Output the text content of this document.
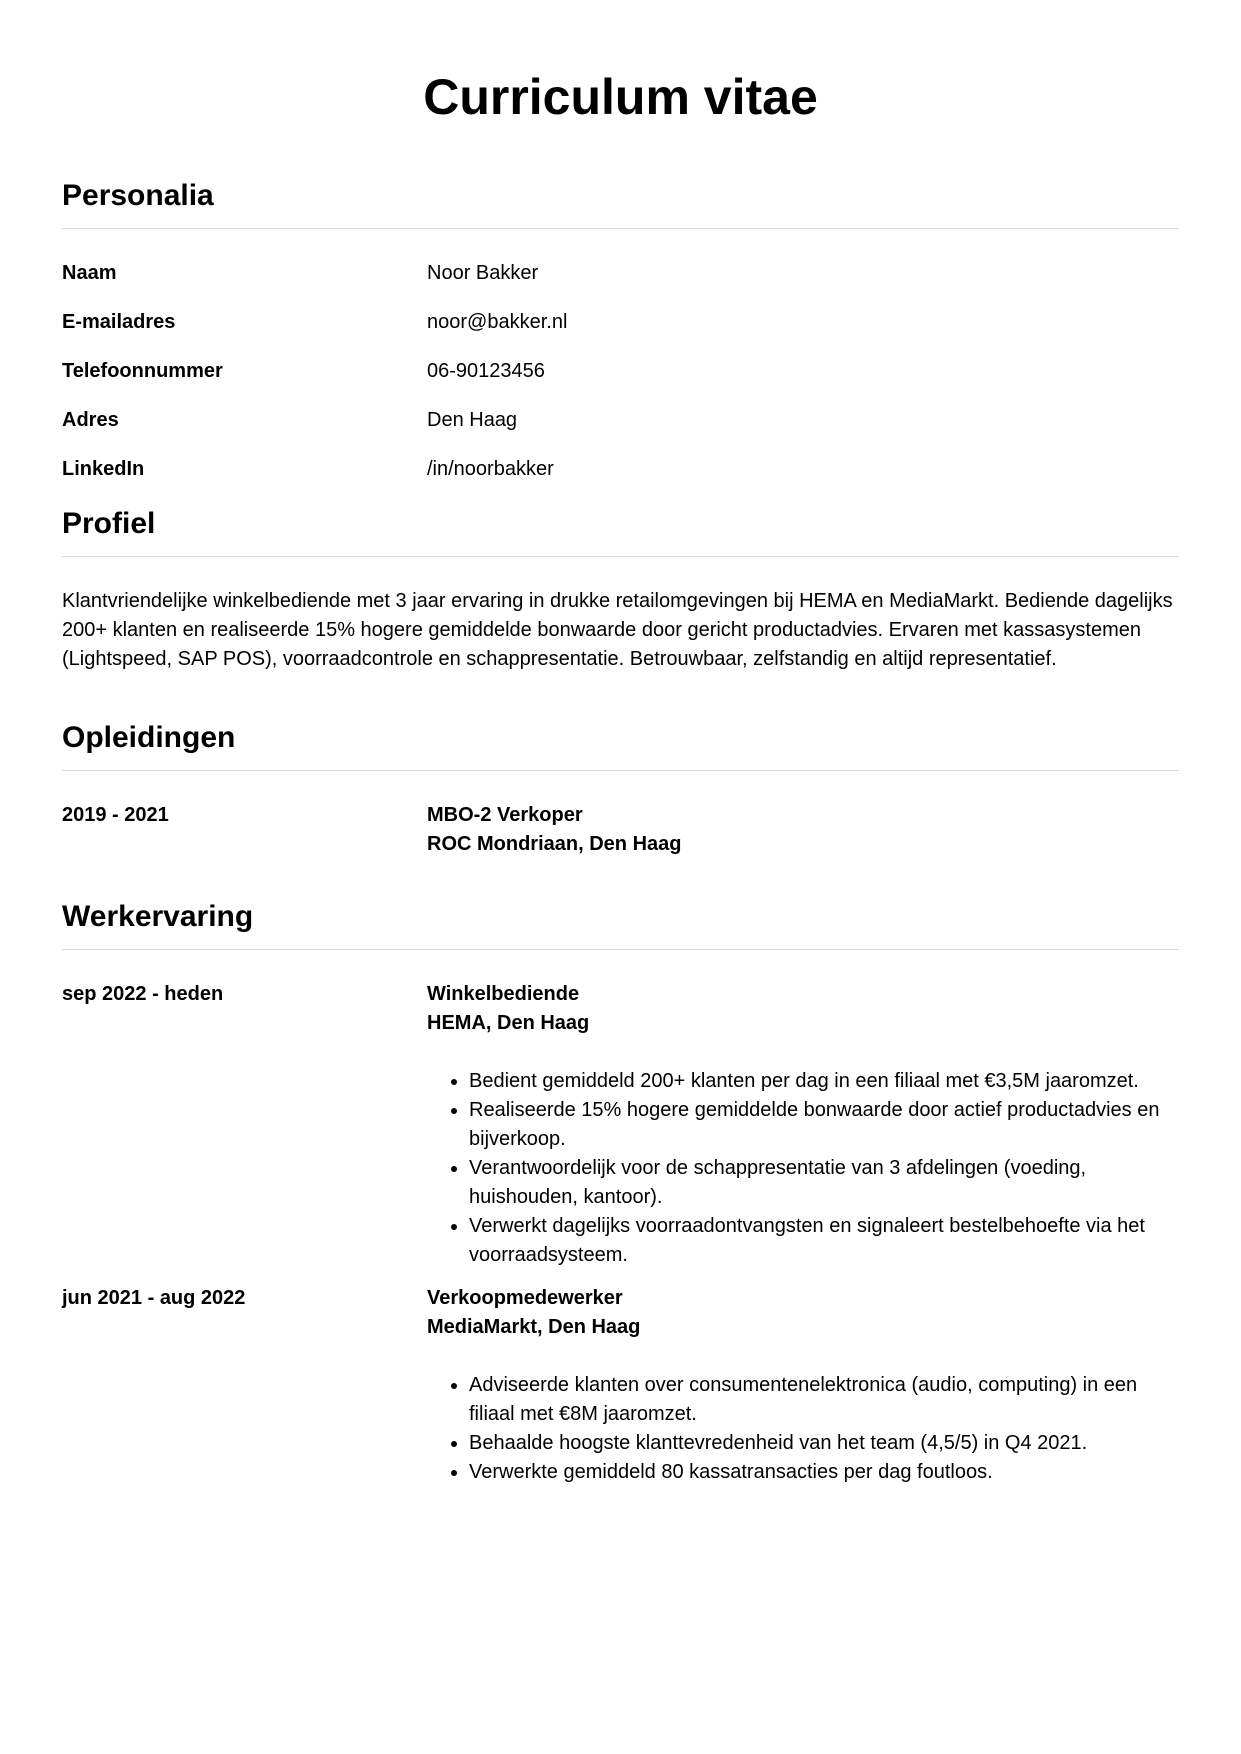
Curriculum vitae
Personalia
Naam	Noor Bakker
E-mailadres	noor@bakker.nl
Telefoonnummer	06-90123456
Adres	Den Haag
LinkedIn	/in/noorbakker
Profiel

Klantvriendelijke winkelbediende met 3 jaar ervaring in drukke retailomgevingen bij HEMA en MediaMarkt. Bediende dagelijks 200+ klanten en realiseerde 15% hogere gemiddelde bonwaarde door gericht productadvies. Ervaren met kassasystemen (Lightspeed, SAP POS), voorraadcontrole en schappresentatie. Betrouwbaar, zelfstandig en altijd representatief.

Opleidingen
2019 - 2021	MBO-2 Verkoper
ROC Mondriaan, Den Haag
Werkervaring
sep 2022 - heden	Winkelbediende
HEMA, Den Haag
• Bedient gemiddeld 200+ klanten per dag in een filiaal met €3,5M jaaromzet.
• Realiseerde 15% hogere gemiddelde bonwaarde door actief productadvies en bijverkoop.
• Verantwoordelijk voor de schappresentatie van 3 afdelingen (voeding, huishouden, kantoor).
• Verwerkt dagelijks voorraadontvangsten en signaleert bestelbehoefte via het voorraadsysteem.
jun 2021 - aug 2022	Verkoopmedewerker
MediaMarkt, Den Haag
• Adviseerde klanten over consumentenelektronica (audio, computing) in een filiaal met €8M jaaromzet.
• Behaalde hoogste klanttevredenheid van het team (4,5/5) in Q4 2021.
• Verwerkte gemiddeld 80 kassatransacties per dag foutloos.
